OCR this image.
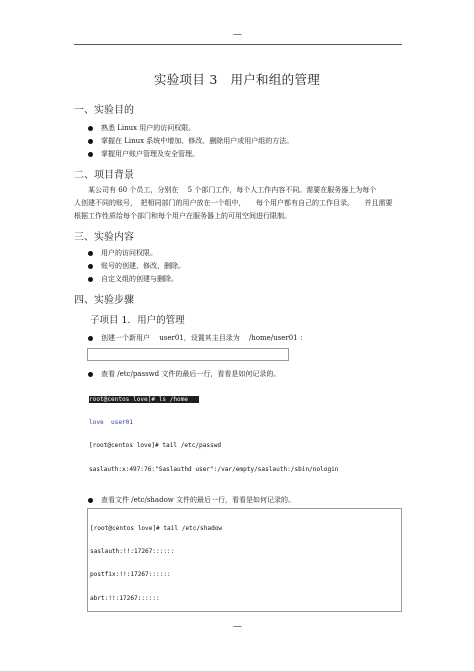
—
实验项目 3　用户和组的管理
一、实验目的
熟悉 Linux 用户的访问权限。
掌握在 Linux 系统中增加、修改、删除用户或用户组的方法。
掌握用户账户管理及安全管理。
二、项目背景
某公司有 60 个员工，分别在　 5 个部门工作，每个人工作内容不同。需要在服务器上为每个
人创建不同的账号，　把相同部门的用户放在一个组中，　　每个用户都有自己的工作目录。　　并且需要
根据工作性质给每个部门和每个用户在服务器上的可用空间进行限制。
三、实验内容
用户的访问权限。
账号的创建、修改、删除。
自定义组的创建与删除。
四、实验步骤
子项目 1．用户的管理
创建一个新用户　 user01，设置其主目录为　 /home/user01 ：

查看 /etc/passwd 文件的最后一行，看看是如何记录的。

root@centos love]# ls /home

love  user01

[root@centos love]# tail /etc/passwd

saslauth:x:497:76:"Saslauthd user":/var/empty/saslauth:/sbin/nologin

查看文件 /etc/shadow 文件的最后一行，看看是如何记录的。

[root@centos love]# tail /etc/shadow

saslauth:!!:17267::::::

postfix:!!:17267::::::

abrt:!!:17267::::::

—
